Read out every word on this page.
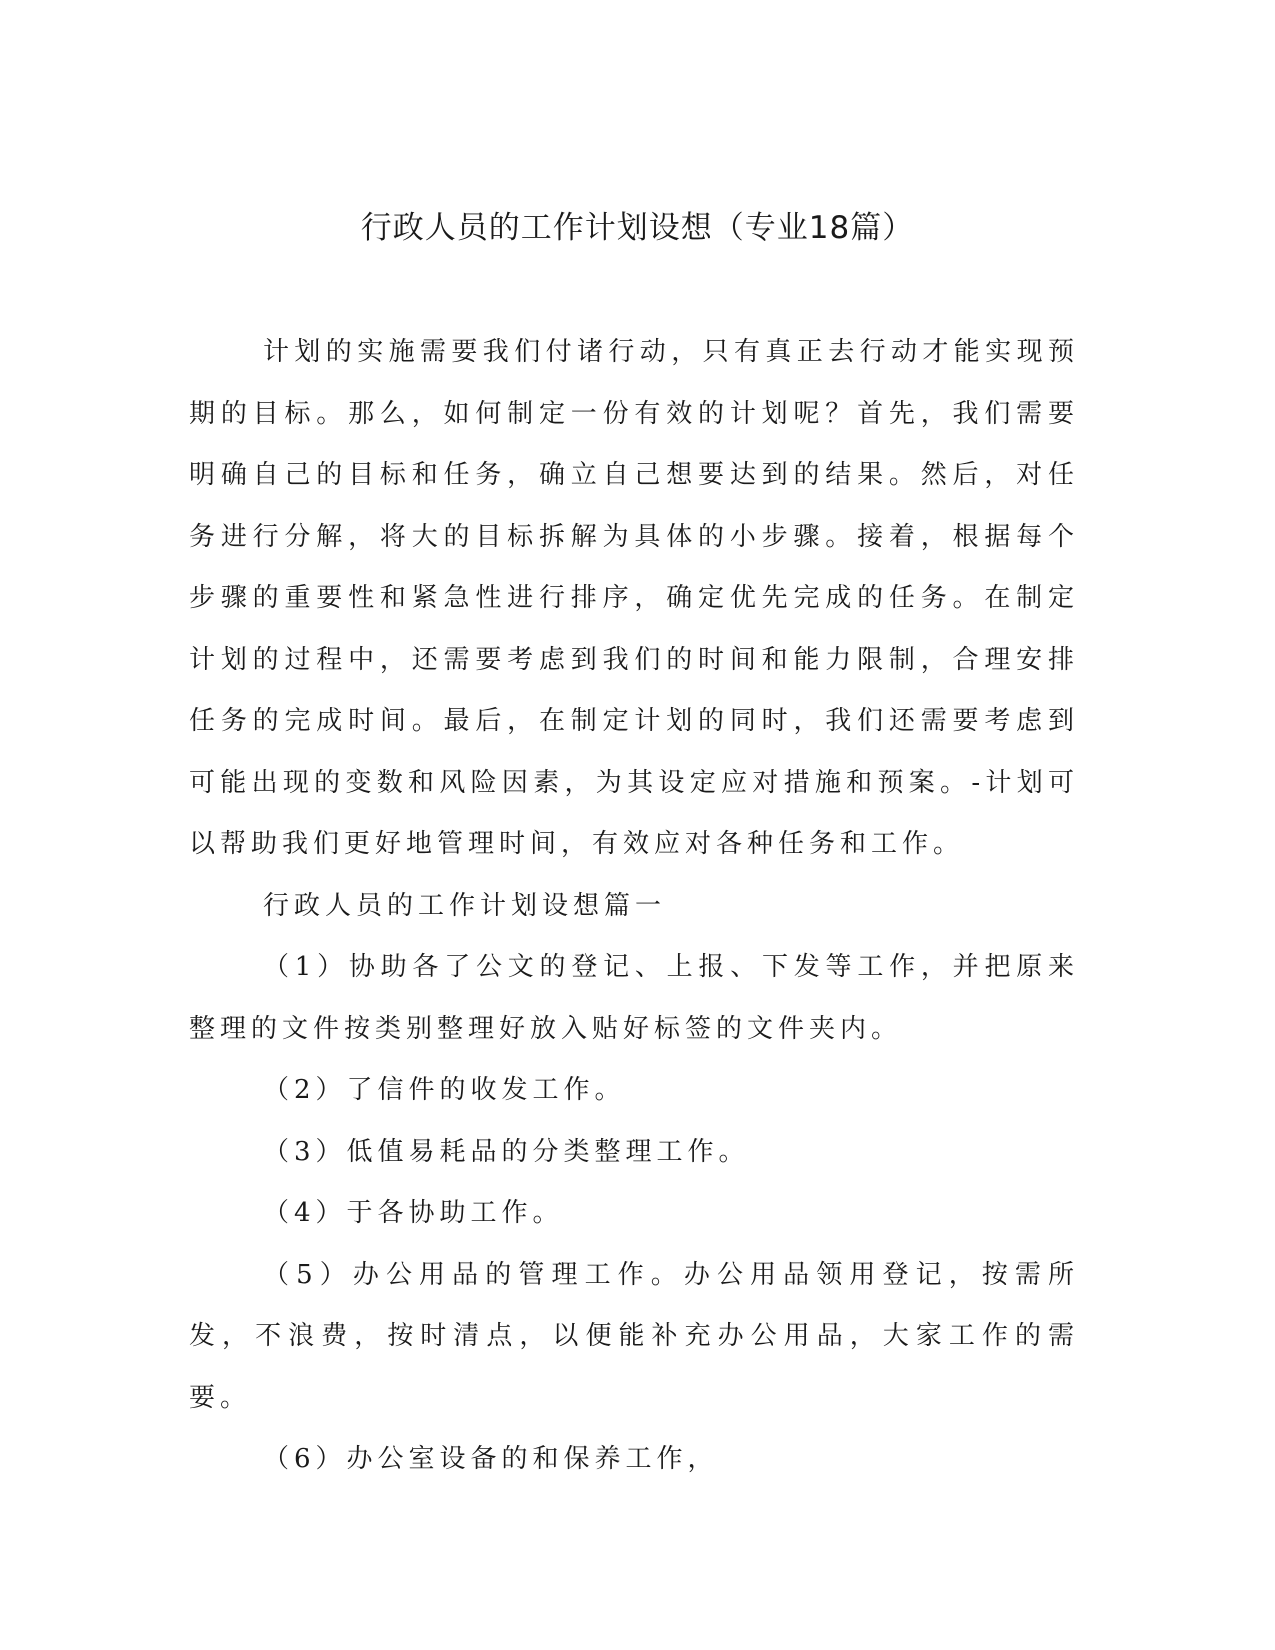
行政人员的工作计划设想（专业18篇）

计划的实施需要我们付诸行动，只有真正去行动才能实现预期的目标。那么，如何制定一份有效的计划呢？首先，我们需要明确自己的目标和任务，确立自己想要达到的结果。然后，对任务进行分解，将大的目标拆解为具体的小步骤。接着，根据每个步骤的重要性和紧急性进行排序，确定优先完成的任务。在制定计划的过程中，还需要考虑到我们的时间和能力限制，合理安排任务的完成时间。最后，在制定计划的同时，我们还需要考虑到可能出现的变数和风险因素，为其设定应对措施和预案。-计划可以帮助我们更好地管理时间，有效应对各种任务和工作。

行政人员的工作计划设想篇一

（1）协助各了公文的登记、上报、下发等工作，并把原来整理的文件按类别整理好放入贴好标签的文件夹内。

（2）了信件的收发工作。

（3）低值易耗品的分类整理工作。

（4）于各协助工作。

（5）办公用品的管理工作。办公用品领用登记，按需所发，不浪费，按时清点，以便能补充办公用品，大家工作的需要。

（6）办公室设备的和保养工作，
